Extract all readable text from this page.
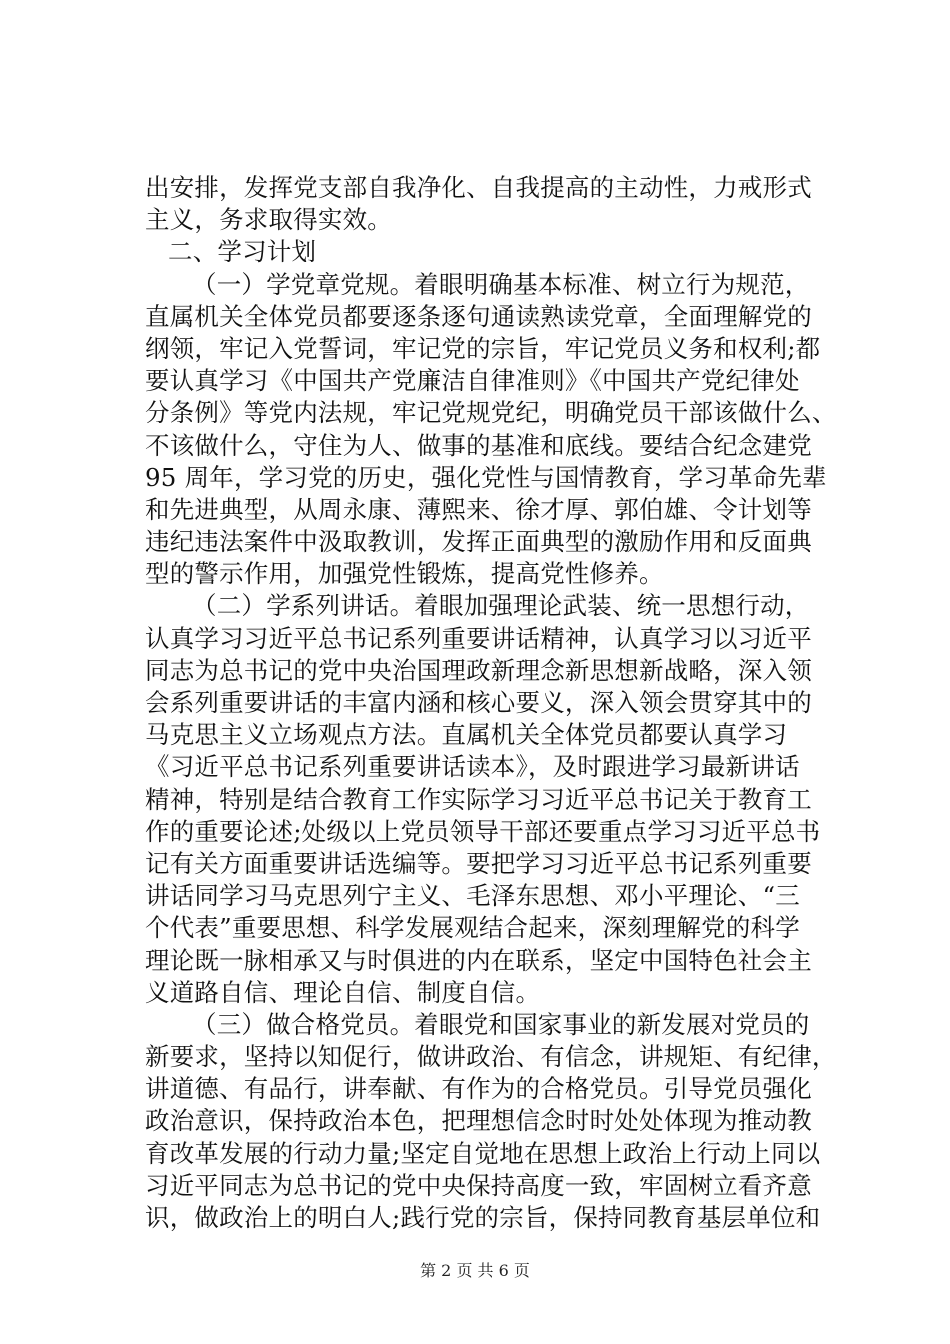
出安排，发挥党支部自我净化、自我提高的主动性，力戒形式
主义，务求取得实效。
二、学习计划
（一）学党章党规。着眼明确基本标准、树立行为规范，
直属机关全体党员都要逐条逐句通读熟读党章，全面理解党的
纲领，牢记入党誓词，牢记党的宗旨，牢记党员义务和权利;都
要认真学习《中国共产党廉洁自律准则》《中国共产党纪律处
分条例》等党内法规，牢记党规党纪，明确党员干部该做什么、
不该做什么，守住为人、做事的基准和底线。要结合纪念建党
95 周年，学习党的历史，强化党性与国情教育，学习革命先辈
和先进典型，从周永康、薄熙来、徐才厚、郭伯雄、令计划等
违纪违法案件中汲取教训，发挥正面典型的激励作用和反面典
型的警示作用，加强党性锻炼，提高党性修养。
（二）学系列讲话。着眼加强理论武装、统一思想行动，
认真学习习近平总书记系列重要讲话精神，认真学习以习近平
同志为总书记的党中央治国理政新理念新思想新战略，深入领
会系列重要讲话的丰富内涵和核心要义，深入领会贯穿其中的
马克思主义立场观点方法。直属机关全体党员都要认真学习
《习近平总书记系列重要讲话读本》，及时跟进学习最新讲话
精神，特别是结合教育工作实际学习习近平总书记关于教育工
作的重要论述;处级以上党员领导干部还要重点学习习近平总书
记有关方面重要讲话选编等。要把学习习近平总书记系列重要
讲话同学习马克思列宁主义、毛泽东思想、邓小平理论、“三
个代表”重要思想、科学发展观结合起来，深刻理解党的科学
理论既一脉相承又与时俱进的内在联系，坚定中国特色社会主
义道路自信、理论自信、制度自信。
（三）做合格党员。着眼党和国家事业的新发展对党员的
新要求，坚持以知促行，做讲政治、有信念，讲规矩、有纪律，
讲道德、有品行，讲奉献、有作为的合格党员。引导党员强化
政治意识，保持政治本色，把理想信念时时处处体现为推动教
育改革发展的行动力量;坚定自觉地在思想上政治上行动上同以
习近平同志为总书记的党中央保持高度一致，牢固树立看齐意
识，做政治上的明白人;践行党的宗旨，保持同教育基层单位和
第 2 页 共 6 页
